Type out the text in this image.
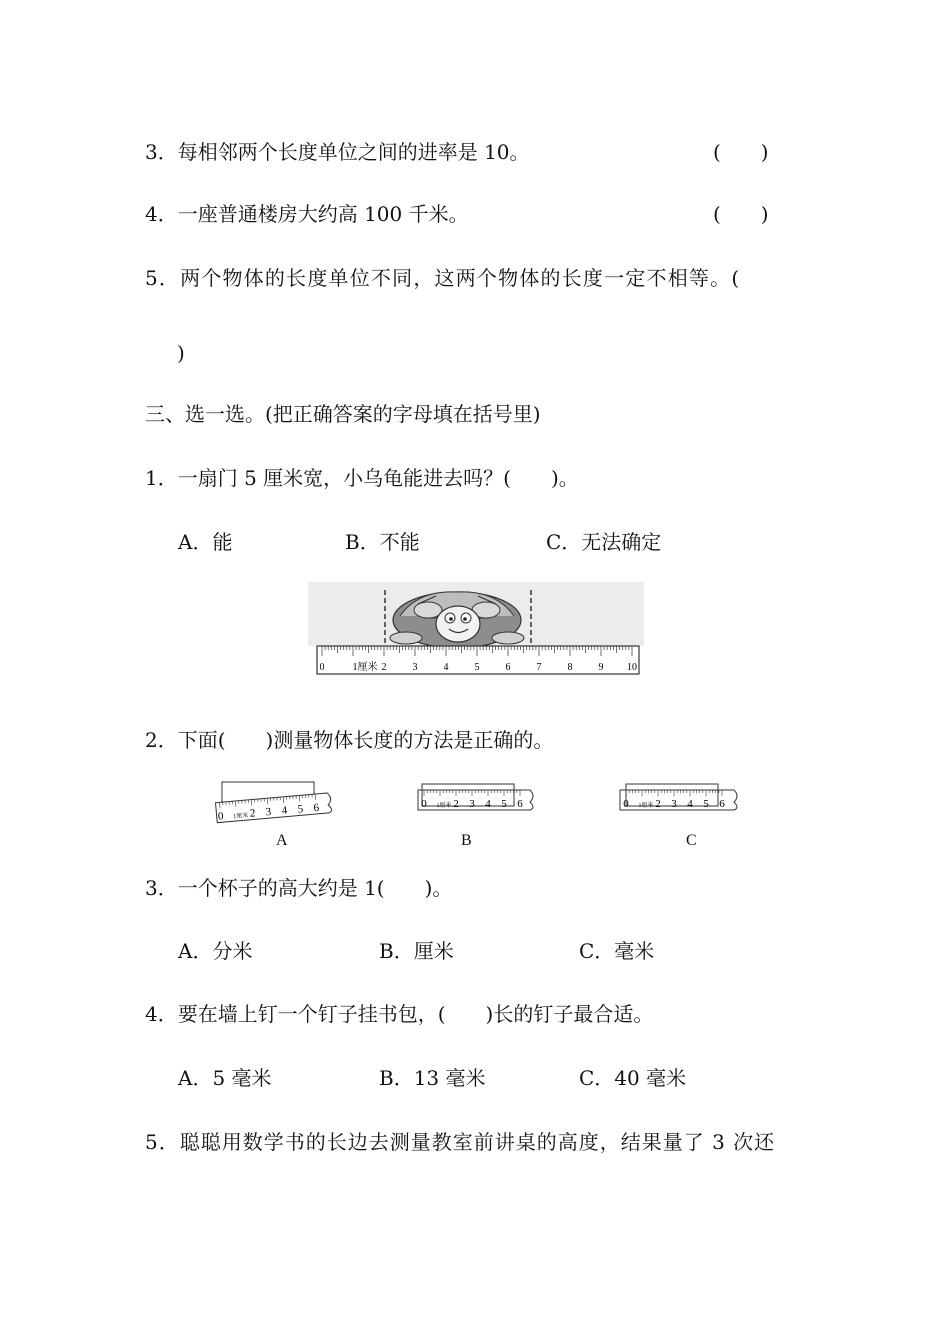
3．每相邻两个长度单位之间的进率是 10。	(　　)
4．一座普通楼房大约高 100 千米。	(　　)
5．两个物体的长度单位不同，这两个物体的长度一定不相等。(
)
三、选一选。(把正确答案的字母填在括号里)
1．一扇门 5 厘米宽，小乌龟能进去吗？(　　)。
A．能	B．不能	C．无法确定
0	1厘米 2	3	4	5	6	7	8	9 10
2．下面(　　)测量物体长度的方法是正确的。
0 1厘米 2 3 4 5 6
A
0 1厘米 2 3 4 5 6
B
0 1厘米 2 3 4 5 6
C
3．一个杯子的高大约是 1(　　)。
A．分米	B．厘米	C．毫米
4．要在墙上钉一个钉子挂书包，(　　)长的钉子最合适。
A．5 毫米	B．13 毫米	C．40 毫米
5．聪聪用数学书的长边去测量教室前讲桌的高度，结果量了 3 次还
